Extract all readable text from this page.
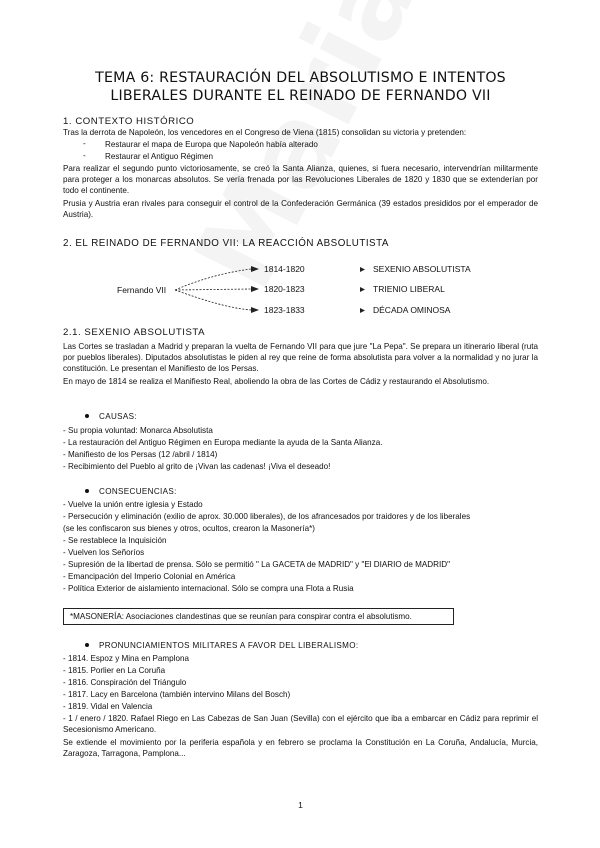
TEMA 6: RESTAURACIÓN DEL ABSOLUTISMO E INTENTOS
LIBERALES DURANTE EL REINADO DE FERNANDO VII
1. CONTEXTO HISTÓRICO
Tras la derrota de Napoleón, los vencedores en el Congreso de Viena (1815) consolidan su victoria y pretenden:
- Restaurar el mapa de Europa que Napoleón había alterado
- Restaurar el Antiguo Régimen
Para realizar el segundo punto victoriosamente, se creó la Santa Alianza, quienes, si fuera necesario, intervendrían militarmente para proteger a los monarcas absolutos. Se vería frenada por las Revoluciones Liberales de 1820 y 1830 que se extenderían por todo el continente.
Prusia y Austria eran rivales para conseguir el control de la Confederación Germánica (39 estados presididos por el emperador de Austria).
2. EL REINADO DE FERNANDO VII: LA REACCIÓN ABSOLUTISTA
Fernando VII
1814-1820
1820-1823
1823-1833
SEXENIO ABSOLUTISTA
TRIENIO LIBERAL
DÉCADA OMINOSA
2.1. SEXENIO ABSOLUTISTA
Las Cortes se trasladan a Madrid y preparan la vuelta de Fernando VII para que jure "La Pepa". Se prepara un itinerario liberal (ruta por pueblos liberales). Diputados absolutistas le piden al rey que reine de forma absolutista para volver a la normalidad y no jurar la constitución. Le presentan el Manifiesto de los Persas.
En mayo de 1814 se realiza el Manifiesto Real, aboliendo la obra de las Cortes de Cádiz y restaurando el Absolutismo.
CAUSAS:
- Su propia voluntad: Monarca Absolutista
- La restauración del Antiguo Régimen en Europa mediante la ayuda de la Santa Alianza.
- Manifiesto de los Persas (12 /abril / 1814)
- Recibimiento del Pueblo al grito de ¡Vivan las cadenas! ¡Viva el deseado!
CONSECUENCIAS:
- Vuelve la unión entre iglesia y Estado
- Persecución y eliminación (exilio de aprox. 30.000 liberales), de los afrancesados por traidores y de los liberales
(se les confiscaron sus bienes y otros, ocultos, crearon la Masonería*)
- Se restablece la Inquisición
- Vuelven los Señoríos
- Supresión de la libertad de prensa. Sólo se permitió " La GACETA de MADRID" y "El DIARIO de MADRID"
- Emancipación del Imperio Colonial en América
- Política Exterior de aislamiento internacional. Sólo se compra una Flota a Rusia
*MASONERÍA: Asociaciones clandestinas que se reunían para conspirar contra el absolutismo.
PRONUNCIAMIENTOS MILITARES A FAVOR DEL LIBERALISMO:
- 1814. Espoz y Mina en Pamplona
- 1815. Porlier en La Coruña
- 1816. Conspiración del Triángulo
- 1817. Lacy en Barcelona (también intervino Milans del Bosch)
- 1819. Vidal en Valencia
- 1 / enero / 1820. Rafael Riego en Las Cabezas de San Juan (Sevilla) con el ejército que iba a embarcar en Cádiz para reprimir el Secesionismo Americano.
Se extiende el movimiento por la periferia española y en febrero se proclama la Constitución en La Coruña, Andalucía, Murcia, Zaragoza, Tarragona, Pamplona...
1
